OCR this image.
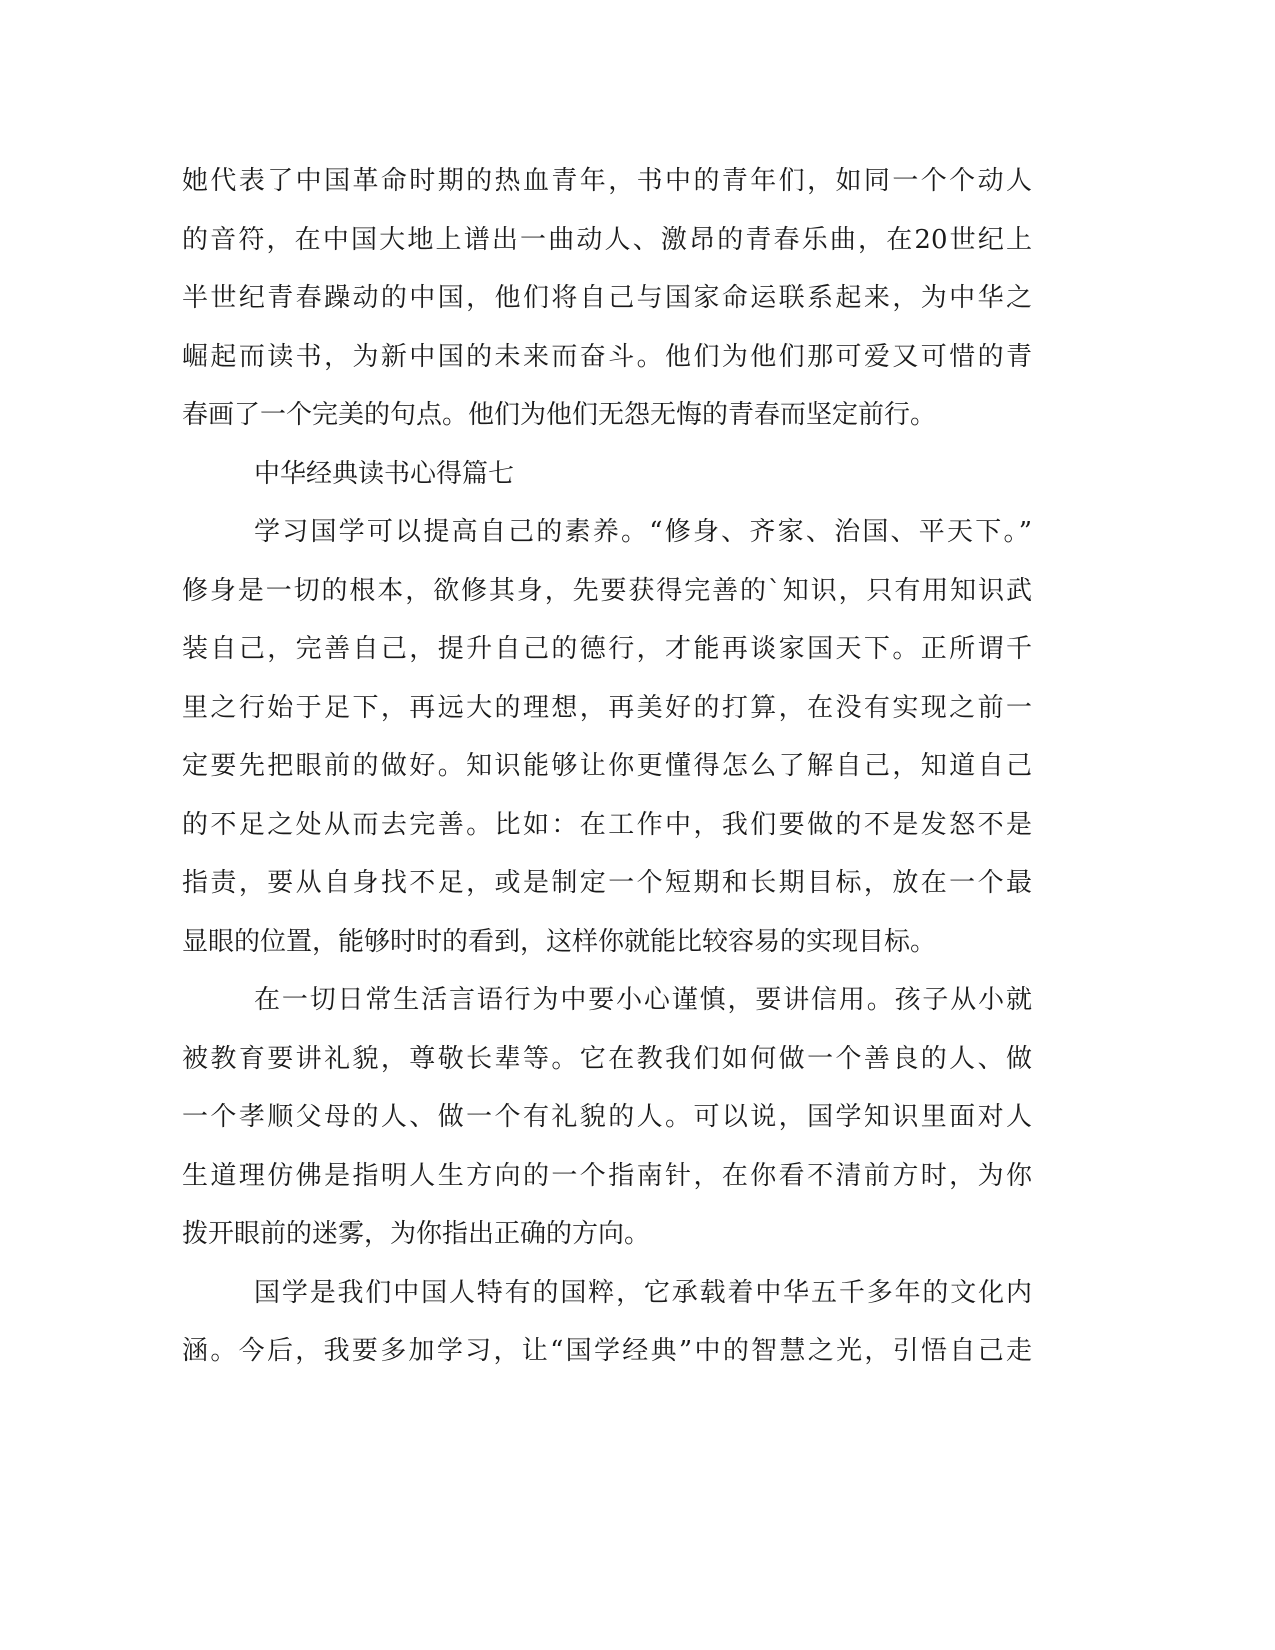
她代表了中国革命时期的热血青年，书中的青年们，如同一个个动人
的音符，在中国大地上谱出一曲动人、激昂的青春乐曲，在20世纪上
半世纪青春躁动的中国，他们将自己与国家命运联系起来，为中华之
崛起而读书，为新中国的未来而奋斗。他们为他们那可爱又可惜的青
春画了一个完美的句点。他们为他们无怨无悔的青春而坚定前行。
中华经典读书心得篇七
学习国学可以提高自己的素养。“修身、齐家、治国、平天下。”
修身是一切的根本，欲修其身，先要获得完善的`知识，只有用知识武
装自己，完善自己，提升自己的德行，才能再谈家国天下。正所谓千
里之行始于足下，再远大的理想，再美好的打算，在没有实现之前一
定要先把眼前的做好。知识能够让你更懂得怎么了解自己，知道自己
的不足之处从而去完善。比如：在工作中，我们要做的不是发怒不是
指责，要从自身找不足，或是制定一个短期和长期目标，放在一个最
显眼的位置，能够时时的看到，这样你就能比较容易的实现目标。
在一切日常生活言语行为中要小心谨慎，要讲信用。孩子从小就
被教育要讲礼貌，尊敬长辈等。它在教我们如何做一个善良的人、做
一个孝顺父母的人、做一个有礼貌的人。可以说，国学知识里面对人
生道理仿佛是指明人生方向的一个指南针，在你看不清前方时，为你
拨开眼前的迷雾，为你指出正确的方向。
国学是我们中国人特有的国粹，它承载着中华五千多年的文化内
涵。今后，我要多加学习，让“国学经典”中的智慧之光，引悟自己走
